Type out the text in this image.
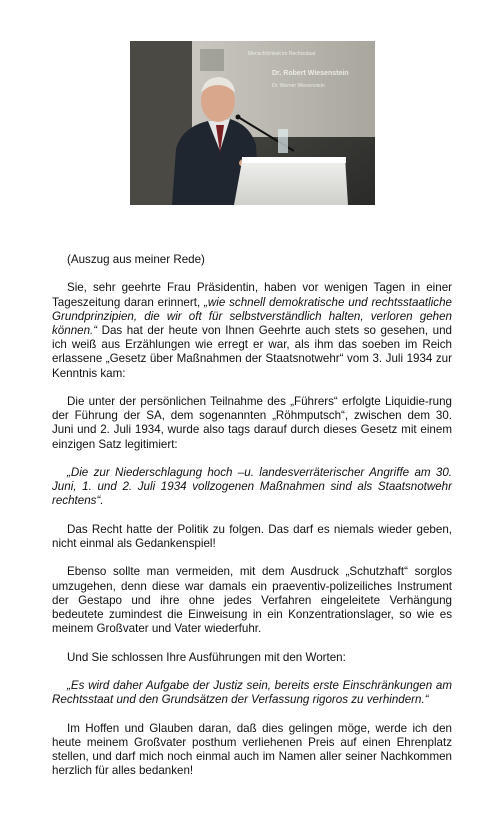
Menschlichkeit im Rechtsstaat
Dr. Robert Wiesenstein
Dr. Werner Wiesenstein

(Auszug aus meiner Rede)

Sie, sehr geehrte Frau Präsidentin, haben vor wenigen Tagen in einer Tageszeitung daran erinnert, „wie schnell demokratische und rechtsstaatliche Grundprinzipien, die wir oft für selbstverständlich halten, verloren gehen können.“ Das hat der heute von Ihnen Geehrte auch stets so gesehen, und ich weiß aus Erzählungen wie erregt er war, als ihm das soeben im Reich erlassene „Gesetz über Maßnahmen der Staatsnotwehr“ vom 3. Juli 1934 zur Kenntnis kam:

Die unter der persönlichen Teilnahme des „Führers“ erfolgte Liquidie-rung der Führung der SA, dem sogenannten „Röhmputsch“, zwischen dem 30. Juni und 2. Juli 1934, wurde also tags darauf durch dieses Gesetz mit einem einzigen Satz legitimiert:

„Die zur Niederschlagung hoch –u. landesverräterischer Angriffe am 30. Juni, 1. und 2. Juli 1934 vollzogenen Maßnahmen sind als Staatsnotwehr rechtens“.

Das Recht hatte der Politik zu folgen. Das darf es niemals wieder geben, nicht einmal als Gedankenspiel!

Ebenso sollte man vermeiden, mit dem Ausdruck „Schutzhaft“ sorglos umzugehen, denn diese war damals ein praeventiv-polizeiliches Instrument der Gestapo und ihre ohne jedes Verfahren eingeleitete Verhängung bedeutete zumindest die Einweisung in ein Konzentrationslager, so wie es meinem Großvater und Vater wiederfuhr.

Und Sie schlossen Ihre Ausführungen mit den Worten:

„Es wird daher Aufgabe der Justiz sein, bereits erste Einschränkungen am Rechtsstaat und den Grundsätzen der Verfassung rigoros zu verhindern.“

Im Hoffen und Glauben daran, daß dies gelingen möge, werde ich den heute meinem Großvater posthum verliehenen Preis auf einen Ehrenplatz stellen, und darf mich noch einmal auch im Namen aller seiner Nachkommen herzlich für alles bedanken!
